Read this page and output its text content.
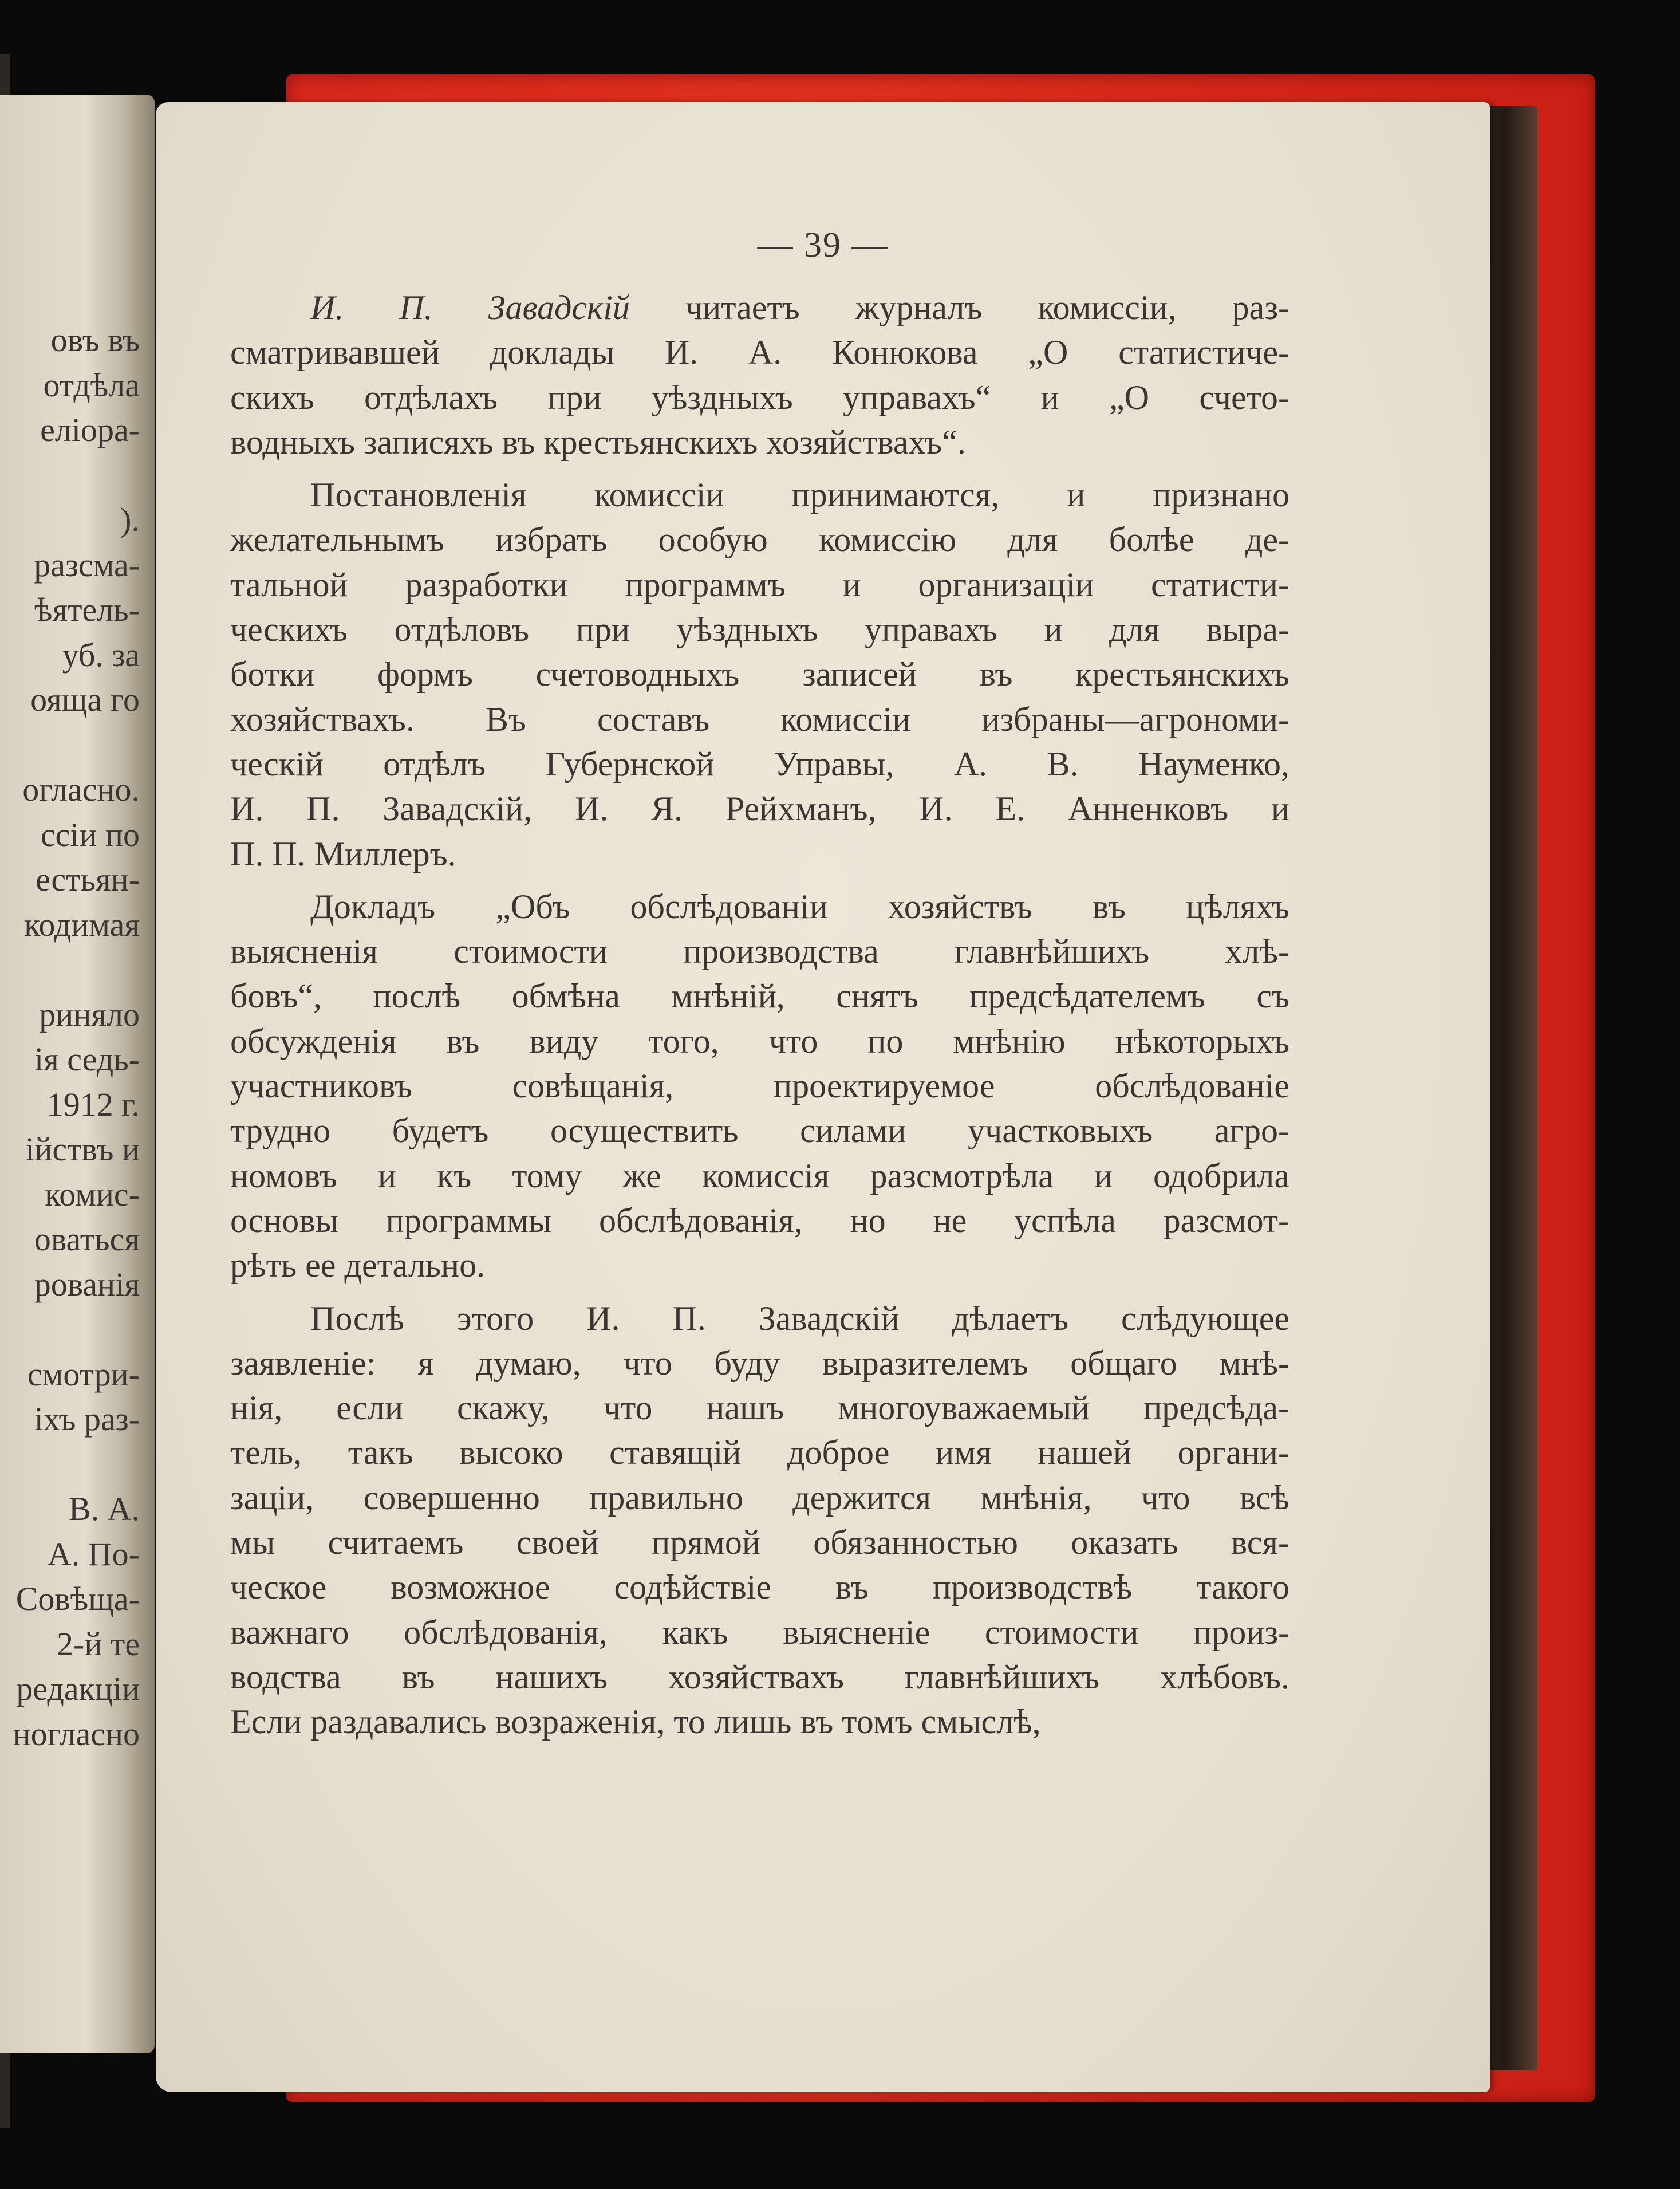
овъ въ
отдѣла
еліора-

).
разсма-
ѣятель-
уб. за
ояща го

огласно.
ссіи по
естьян-
кодимая

риняло
ія седь-
1912 г.
ійствъ и
комис-
оваться
рованія

смотри-
іхъ раз-

В. А.
А. По-
Совѣща-
2-й те
редакціи
ногласно
— 39 —
И. П. Завадскій читаетъ журналъ комиссіи, раз-
сматривавшей доклады И. А. Конюкова „О статистиче-
скихъ отдѣлахъ при уѣздныхъ управахъ“ и „О счето-
водныхъ записяхъ въ крестьянскихъ хозяйствахъ“.
Постановленія комиссіи принимаются, и признано
желательнымъ избрать особую комиссію для болѣе де-
тальной разработки программъ и организаціи статисти-
ческихъ отдѣловъ при уѣздныхъ управахъ и для выра-
ботки формъ счетоводныхъ записей въ крестьянскихъ
хозяйствахъ. Въ составъ комиссіи избраны—агрономи-
ческій отдѣлъ Губернской Управы, А. В. Науменко,
И. П. Завадскій, И. Я. Рейхманъ, И. Е. Анненковъ и
П. П. Миллеръ.
Докладъ „Объ обслѣдованіи хозяйствъ въ цѣляхъ
выясненія стоимости производства главнѣйшихъ хлѣ-
бовъ“, послѣ обмѣна мнѣній, снятъ предсѣдателемъ съ
обсужденія въ виду того, что по мнѣнію нѣкоторыхъ
участниковъ совѣщанія, проектируемое обслѣдованіе
трудно будетъ осуществить силами участковыхъ агро-
номовъ и къ тому же комиссія разсмотрѣла и одобрила
основы программы обслѣдованія, но не успѣла разсмот-
рѣть ее детально.
Послѣ этого И. П. Завадскій дѣлаетъ слѣдующее
заявленіе: я думаю, что буду выразителемъ общаго мнѣ-
нія, если скажу, что нашъ многоуважаемый предсѣда-
тель, такъ высоко ставящій доброе имя нашей органи-
заціи, совершенно правильно держится мнѣнія, что всѣ
мы считаемъ своей прямой обязанностью оказать вся-
ческое возможное содѣйствіе въ производствѣ такого
важнаго обслѣдованія, какъ выясненіе стоимости произ-
водства въ нашихъ хозяйствахъ главнѣйшихъ хлѣбовъ.
Если раздавались возраженія, то лишь въ томъ смыслѣ,
